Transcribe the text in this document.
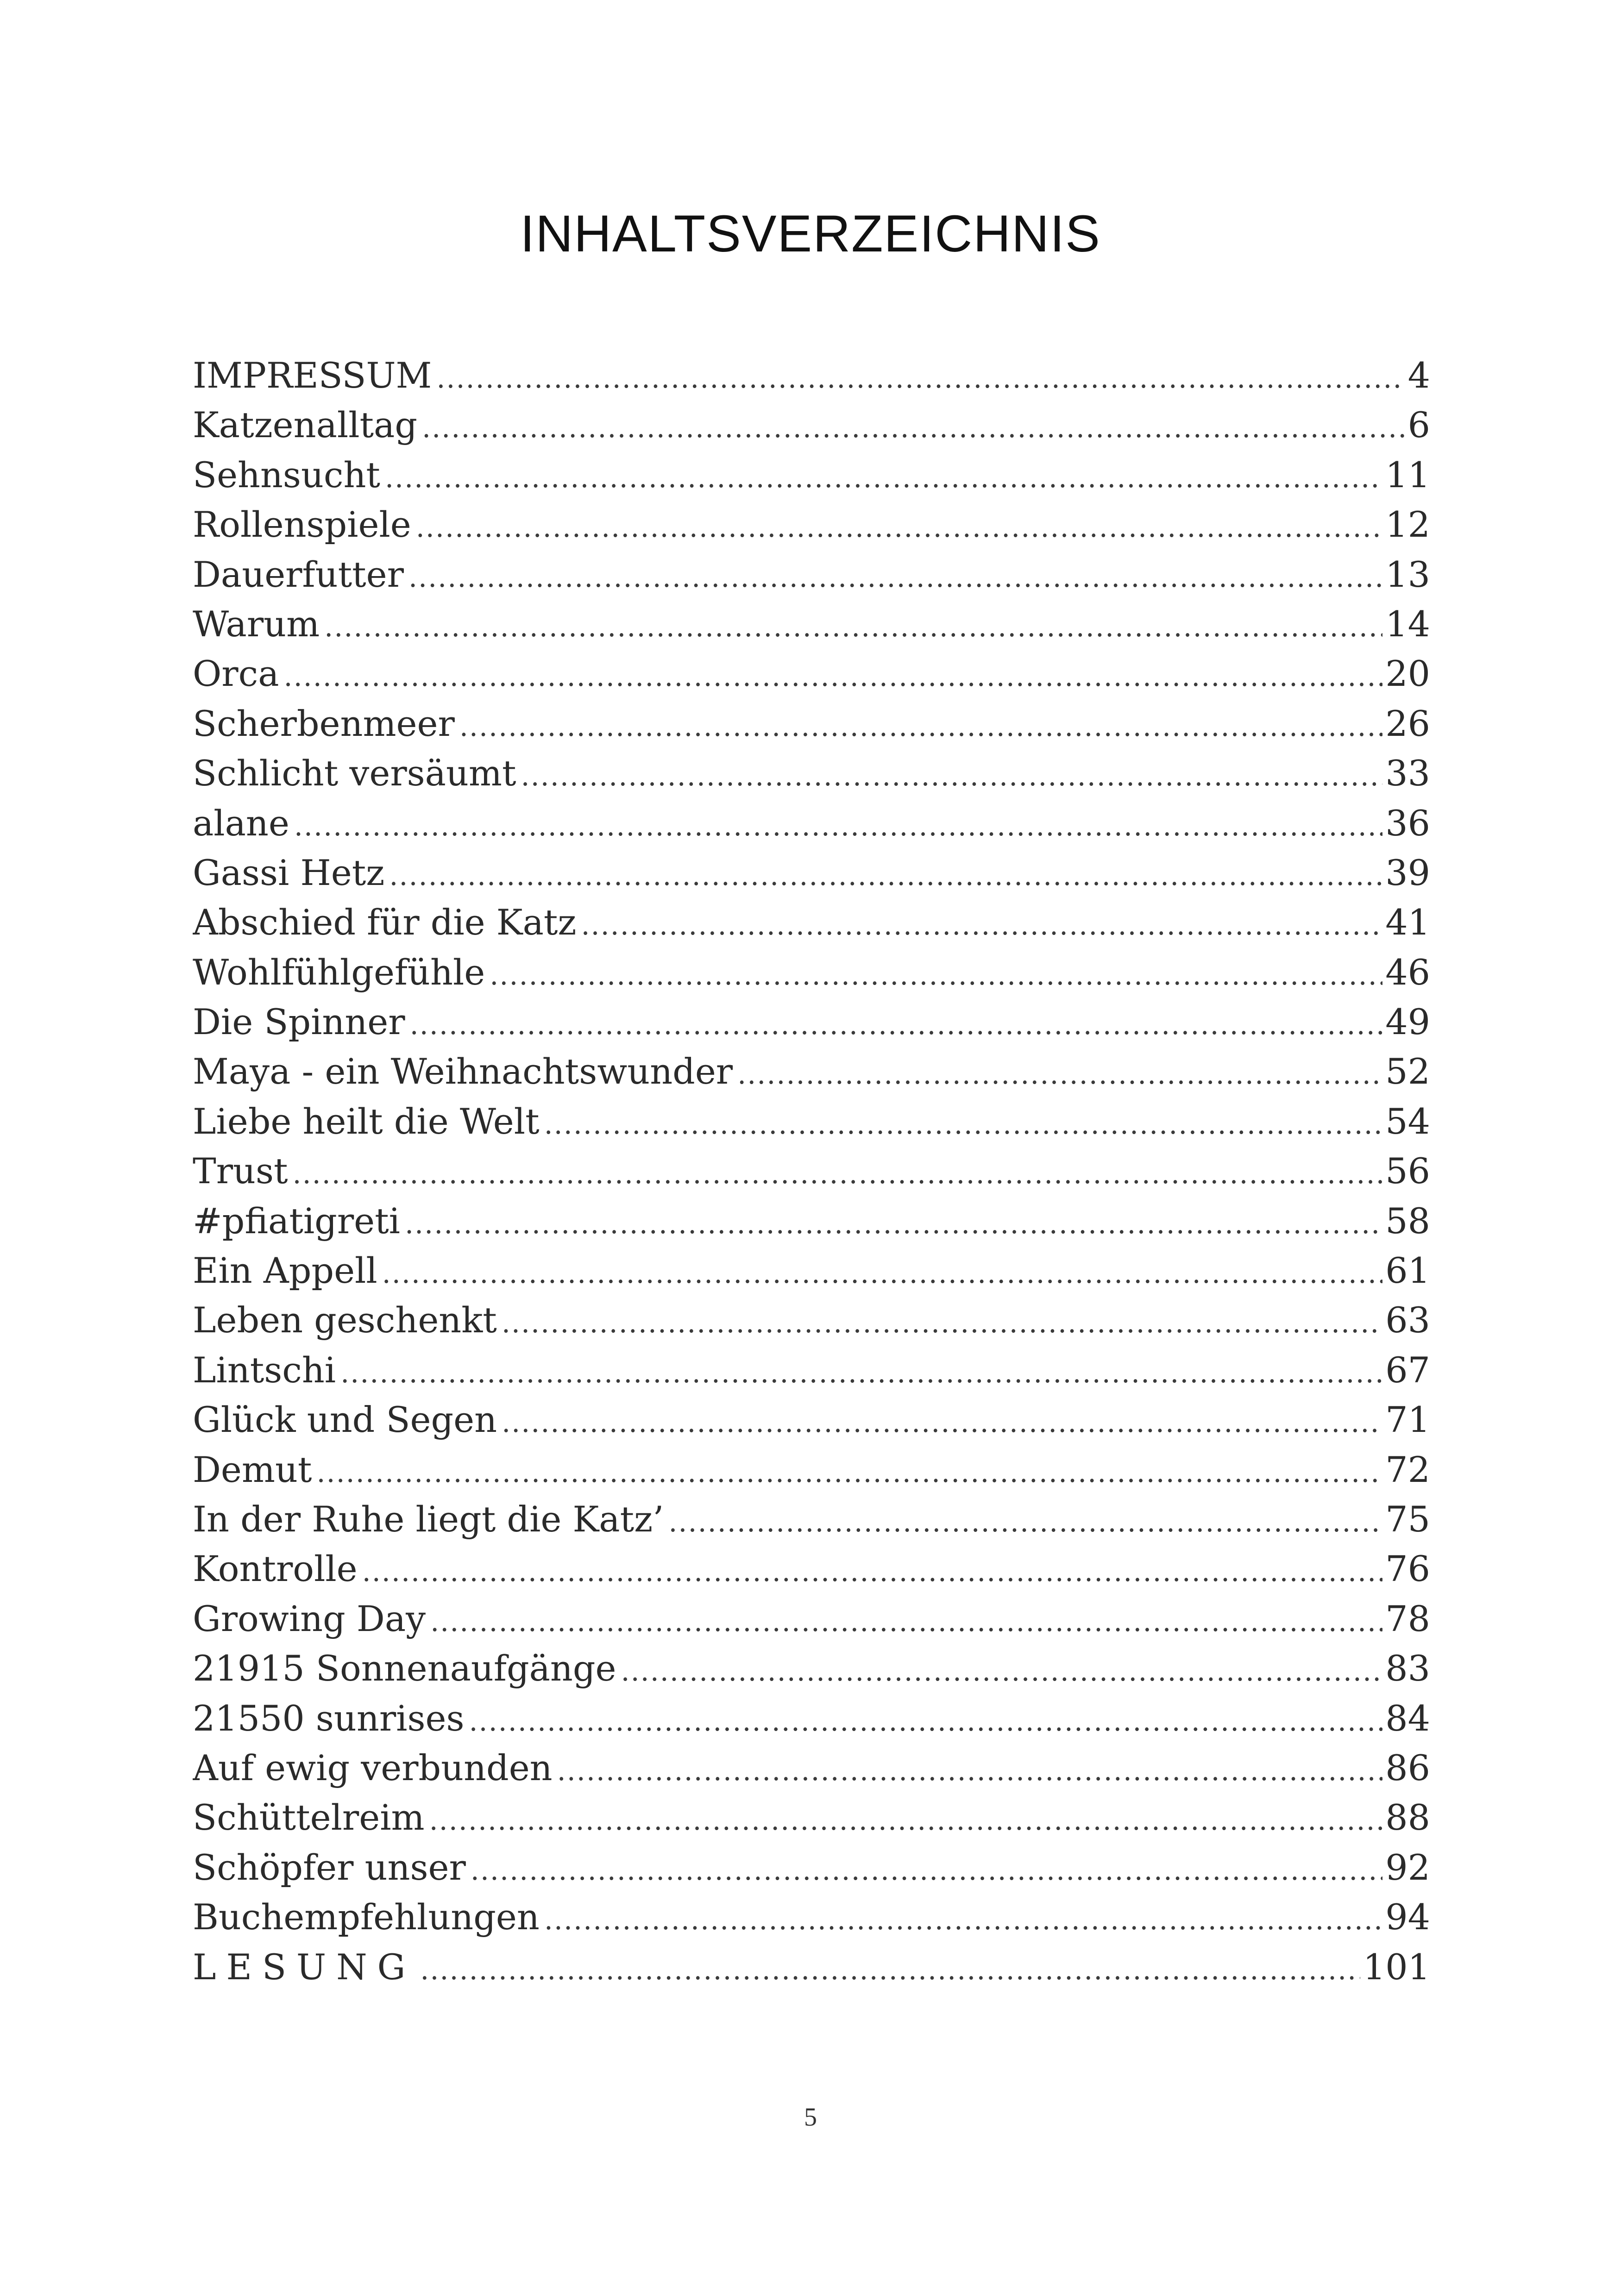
INHALTSVERZEICHNIS
IMPRESSUM .....	4
Katzenalltag .....	6
Sehnsucht .....	11
Rollenspiele .....	12
Dauerfutter .....	13
Warum .....	14
Orca .....	20
Scherbenmeer .....	26
Schlicht versäumt .....	33
alane .....	36
Gassi Hetz .....	39
Abschied für die Katz .....	41
Wohlfühlgefühle .....	46
Die Spinner .....	49
Maya - ein Weihnachtswunder .....	52
Liebe heilt die Welt .....	54
Trust .....	56
#pfiatigreti .....	58
Ein Appell .....	61
Leben geschenkt .....	63
Lintschi .....	67
Glück und Segen .....	71
Demut .....	72
In der Ruhe liegt die Katz’ .....	75
Kontrolle .....	76
Growing Day .....	78
21915 Sonnenaufgänge .....	83
21550 sunrises .....	84
Auf ewig verbunden .....	86
Schüttelreim .....	88
Schöpfer unser .....	92
Buchempfehlungen .....	94
LESUNG .....	101
5
